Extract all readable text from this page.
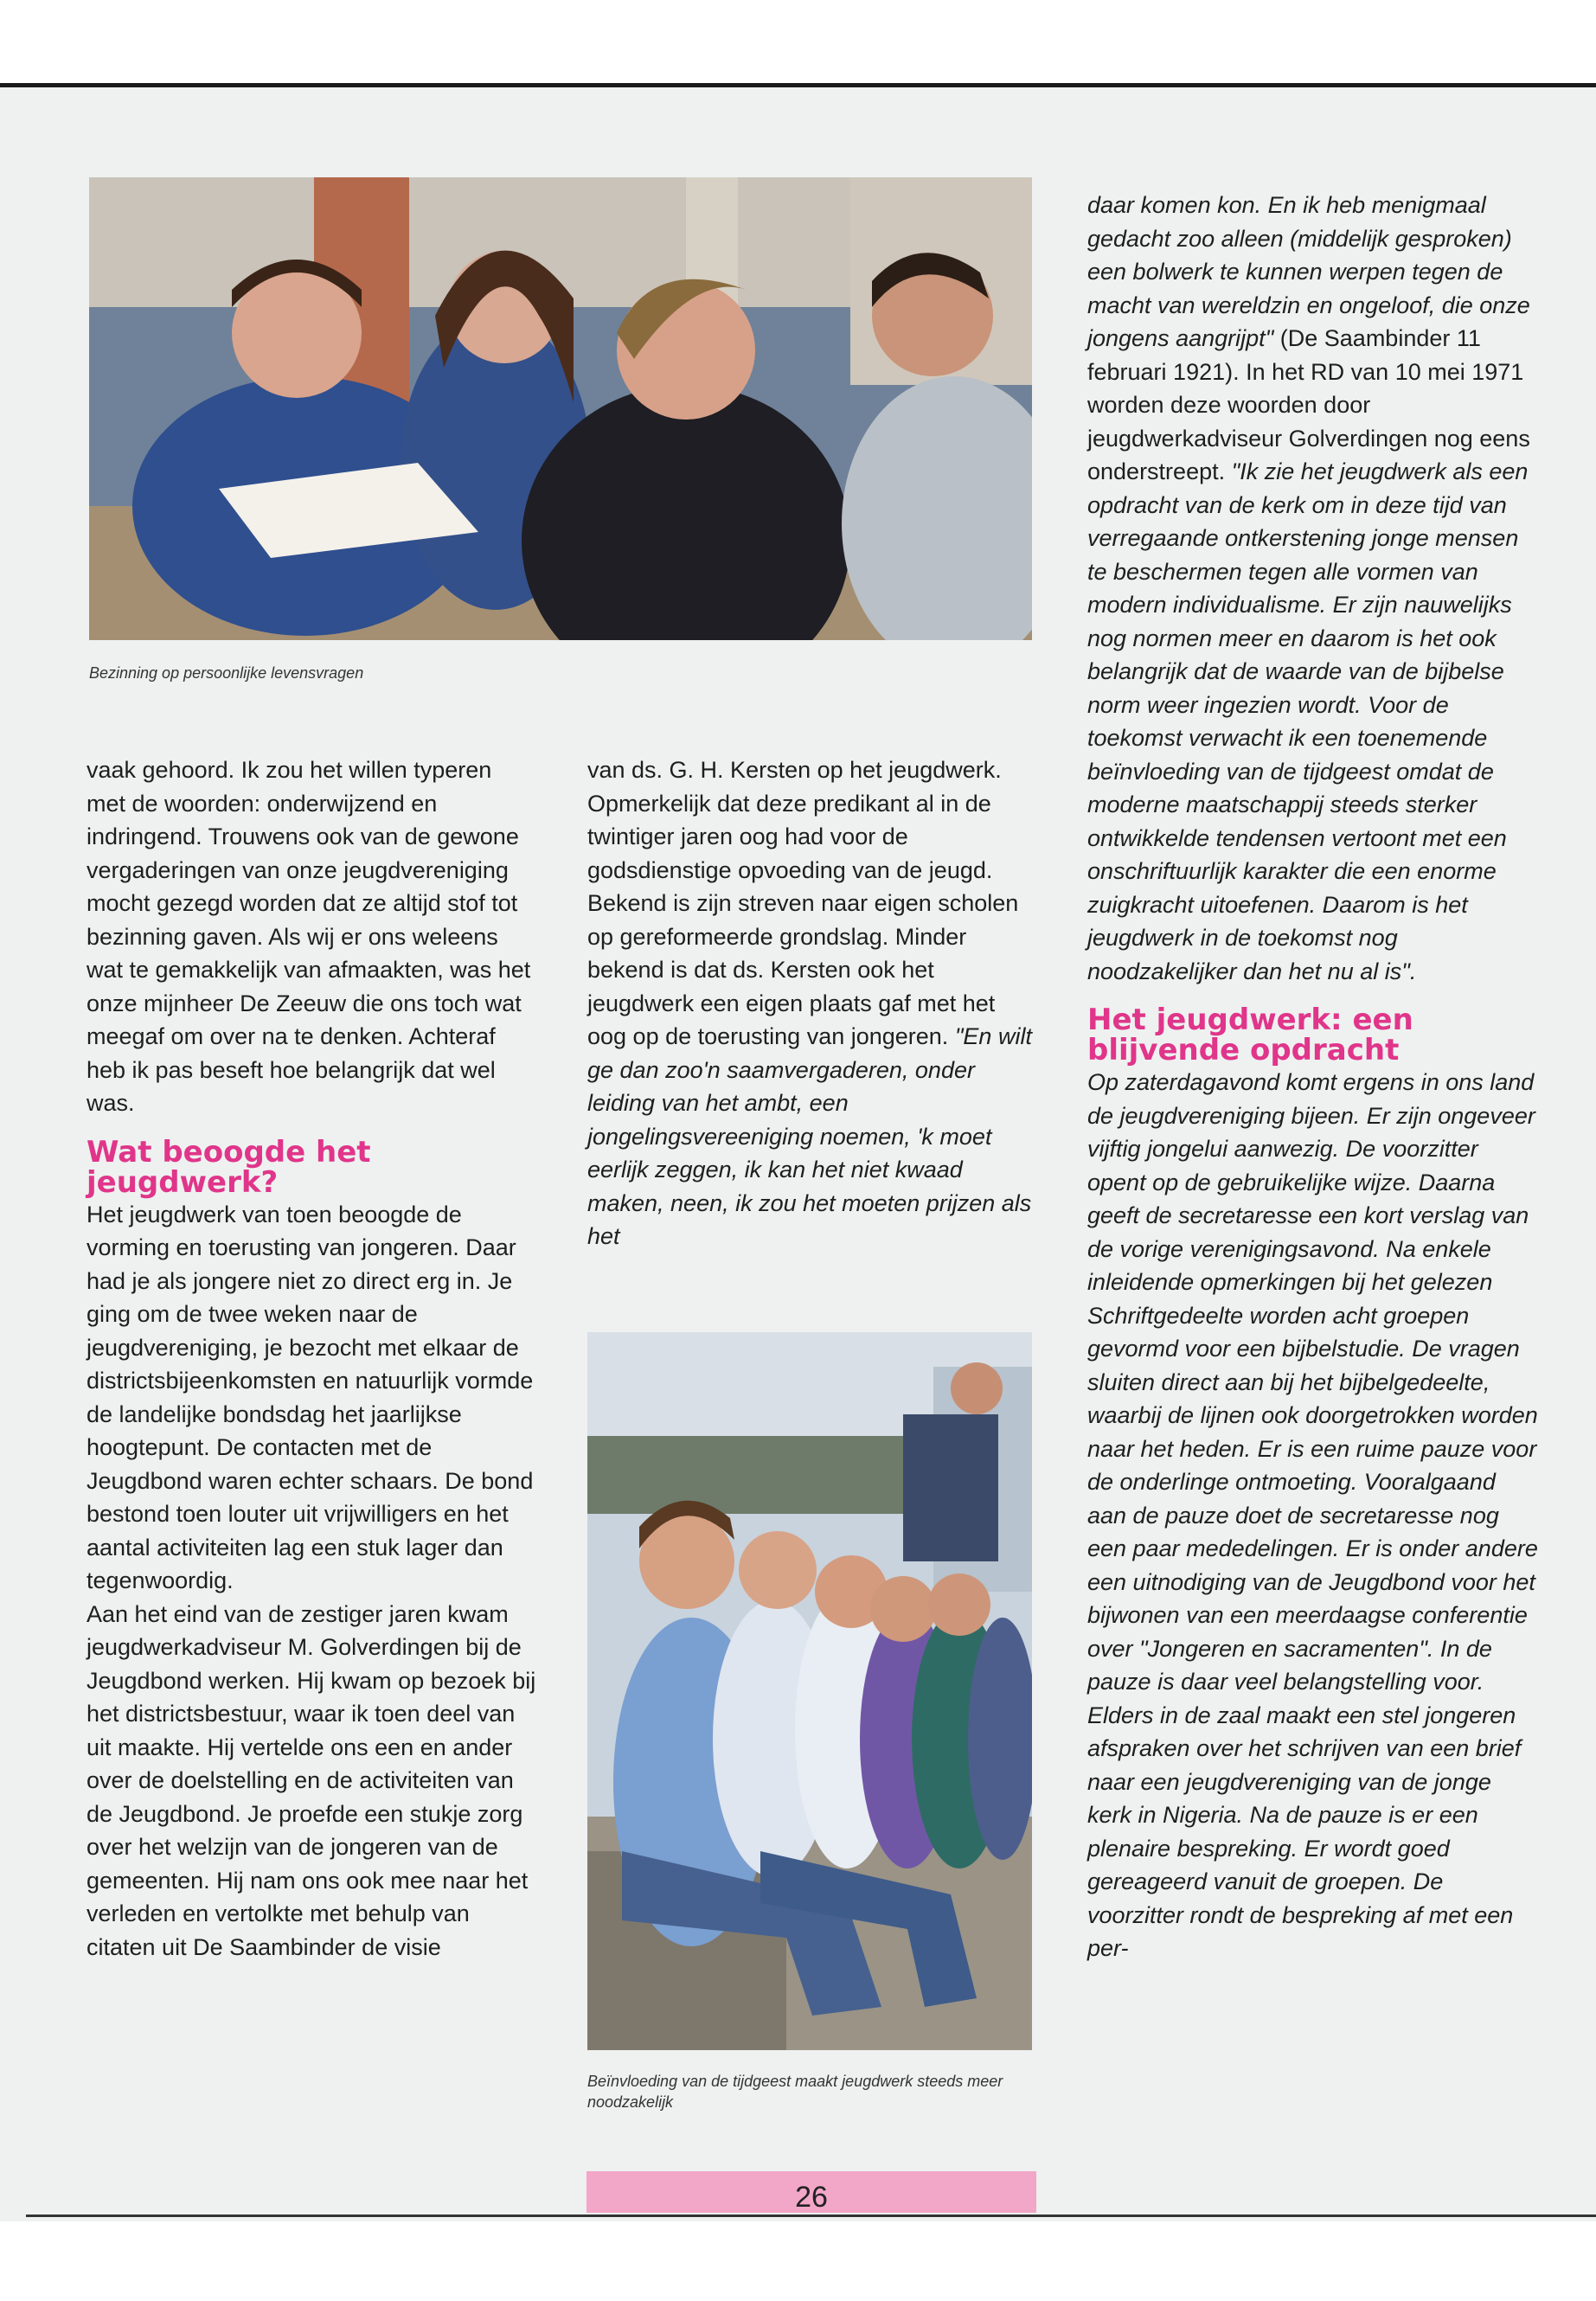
Bezinning op persoonlijke levensvragen
Beïnvloeding van de tijdgeest maakt jeugdwerk steeds meer noodzakelijk

vaak gehoord. Ik zou het willen typeren met de woorden: onderwijzend en indringend. Trouwens ook van de gewone vergaderingen van onze jeugdvereniging mocht gezegd worden dat ze altijd stof tot bezinning gaven. Als wij er ons weleens wat te gemakkelijk van afmaakten, was het onze mijnheer De Zeeuw die ons toch wat meegaf om over na te denken. Achteraf heb ik pas beseft hoe belangrijk dat wel was.

Wat beoogde het jeugdwerk?

Het jeugdwerk van toen beoogde de vorming en toerusting van jongeren. Daar had je als jongere niet zo direct erg in. Je ging om de twee weken naar de jeugdvereniging, je bezocht met elkaar de districtsbijeenkomsten en natuurlijk vormde de landelijke bondsdag het jaarlijkse hoogtepunt. De contacten met de Jeugdbond waren echter schaars. De bond bestond toen louter uit vrijwilligers en het aantal activiteiten lag een stuk lager dan tegenwoordig.

Aan het eind van de zestiger jaren kwam jeugdwerkadviseur M. Golverdingen bij de Jeugdbond werken. Hij kwam op bezoek bij het districtsbestuur, waar ik toen deel van uit maakte. Hij vertelde ons een en ander over de doelstelling en de activiteiten van de Jeugdbond. Je proefde een stukje zorg over het welzijn van de jongeren van de gemeenten. Hij nam ons ook mee naar het verleden en vertolkte met behulp van citaten uit De Saambinder de visie

van ds. G. H. Kersten op het jeugdwerk. Opmerkelijk dat deze predikant al in de twintiger jaren oog had voor de godsdienstige opvoeding van de jeugd. Bekend is zijn streven naar eigen scholen op gereformeerde grondslag. Minder bekend is dat ds. Kersten ook het jeugdwerk een eigen plaats gaf met het oog op de toerusting van jongeren. "En wilt ge dan zoo'n saamvergaderen, onder leiding van het ambt, een jongelingsvereeniging noemen, 'k moet eerlijk zeggen, ik kan het niet kwaad maken, neen, ik zou het moeten prijzen als het

daar komen kon. En ik heb menigmaal gedacht zoo alleen (middelijk gesproken) een bolwerk te kunnen werpen tegen de macht van wereldzin en ongeloof, die onze jongens aangrijpt" (De Saambinder 11 februari 1921). In het RD van 10 mei 1971 worden deze woorden door jeugdwerkadviseur Golverdingen nog eens onderstreept. "Ik zie het jeugdwerk als een opdracht van de kerk om in deze tijd van verregaande ontkerstening jonge mensen te beschermen tegen alle vormen van modern individualisme. Er zijn nauwelijks nog normen meer en daarom is het ook belangrijk dat de waarde van de bijbelse norm weer ingezien wordt. Voor de toekomst verwacht ik een toenemende beïnvloeding van de tijdgeest omdat de moderne maatschappij steeds sterker ontwikkelde tendensen vertoont met een onschriftuurlijk karakter die een enorme zuigkracht uitoefenen. Daarom is het jeugdwerk in de toekomst nog noodzakelijker dan het nu al is".

Het jeugdwerk: een blijvende opdracht

Op zaterdagavond komt ergens in ons land de jeugdvereniging bijeen. Er zijn ongeveer vijftig jongelui aanwezig. De voorzitter opent op de gebruikelijke wijze. Daarna geeft de secretaresse een kort verslag van de vorige verenigingsavond. Na enkele inleidende opmerkingen bij het gelezen Schriftgedeelte worden acht groepen gevormd voor een bijbelstudie. De vragen sluiten direct aan bij het bijbelgedeelte, waarbij de lijnen ook doorgetrokken worden naar het heden. Er is een ruime pauze voor de onderlinge ontmoeting. Vooralgaand aan de pauze doet de secretaresse nog een paar mededelingen. Er is onder andere een uitnodiging van de Jeugdbond voor het bijwonen van een meerdaagse conferentie over "Jongeren en sacramenten". In de pauze is daar veel belangstelling voor. Elders in de zaal maakt een stel jongeren afspraken over het schrijven van een brief naar een jeugdvereniging van de jonge kerk in Nigeria. Na de pauze is er een plenaire bespreking. Er wordt goed gereageerd vanuit de groepen. De voorzitter rondt de bespreking af met een per-

26
